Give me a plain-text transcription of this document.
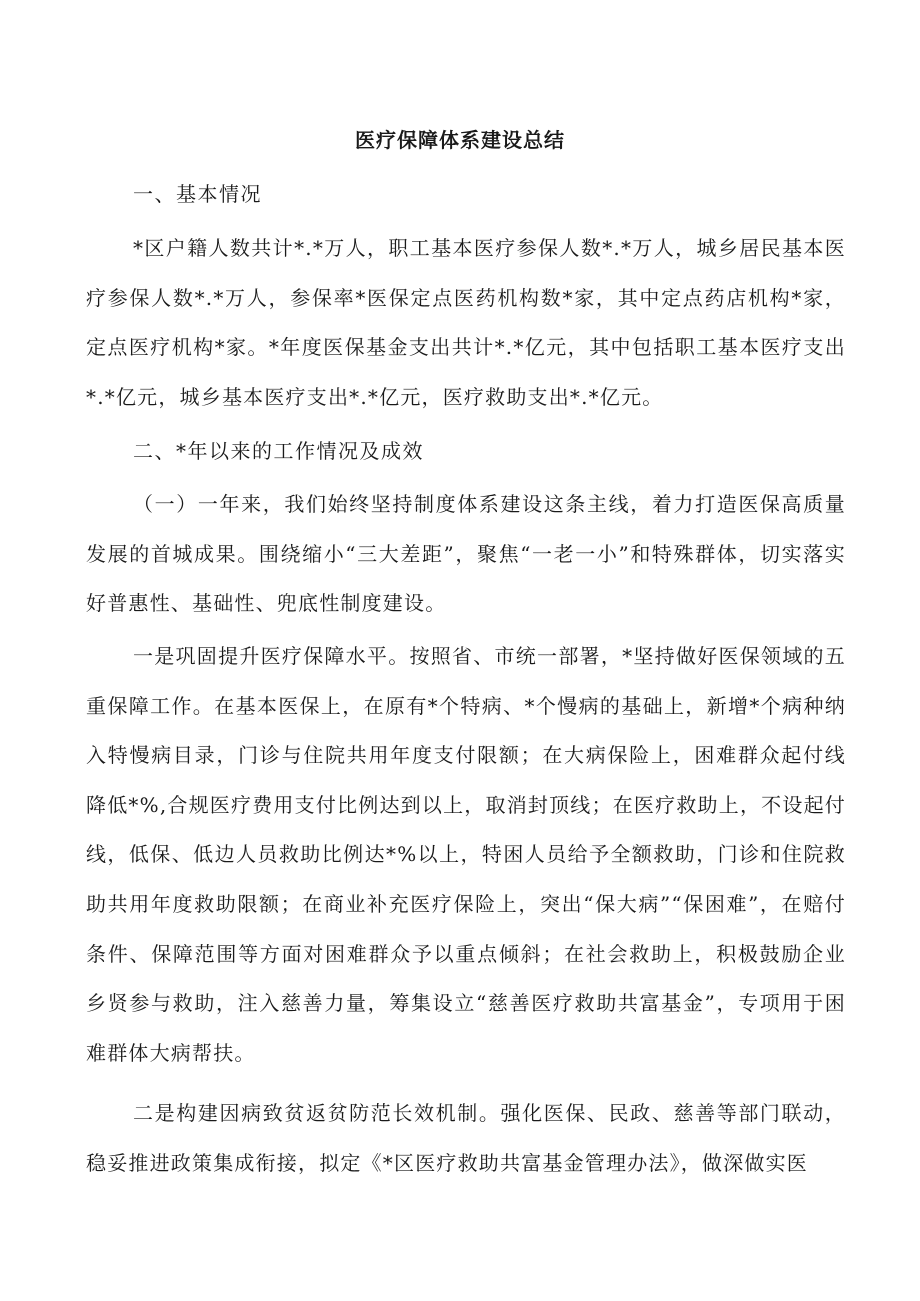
医疗保障体系建设总结
一、基本情况
*区户籍人数共计*.*万人，职工基本医疗参保人数*.*万人，城乡居民基本医疗参保人数*.*万人，参保率*医保定点医药机构数*家，其中定点药店机构*家，定点医疗机构*家。*年度医保基金支出共计*.*亿元，其中包括职工基本医疗支出*.*亿元，城乡基本医疗支出*.*亿元，医疗救助支出*.*亿元。
二、*年以来的工作情况及成效
（一）一年来，我们始终坚持制度体系建设这条主线，着力打造医保高质量发展的首城成果。围绕缩小“三大差距”，聚焦“一老一小”和特殊群体，切实落实好普惠性、基础性、兜底性制度建设。
一是巩固提升医疗保障水平。按照省、市统一部署，*坚持做好医保领域的五重保障工作。在基本医保上，在原有*个特病、*个慢病的基础上，新增*个病种纳入特慢病目录，门诊与住院共用年度支付限额；在大病保险上，困难群众起付线降低*%,合规医疗费用支付比例达到以上，取消封顶线；在医疗救助上，不设起付线，低保、低边人员救助比例达*%以上，特困人员给予全额救助，门诊和住院救助共用年度救助限额；在商业补充医疗保险上，突出“保大病”“保困难”，在赔付条件、保障范围等方面对困难群众予以重点倾斜；在社会救助上，积极鼓励企业乡贤参与救助，注入慈善力量，筹集设立“慈善医疗救助共富基金”，专项用于困难群体大病帮扶。
二是构建因病致贫返贫防范长效机制。强化医保、民政、慈善等部门联动，稳妥推进政策集成衔接，拟定《*区医疗救助共富基金管理办法》，做深做实医
